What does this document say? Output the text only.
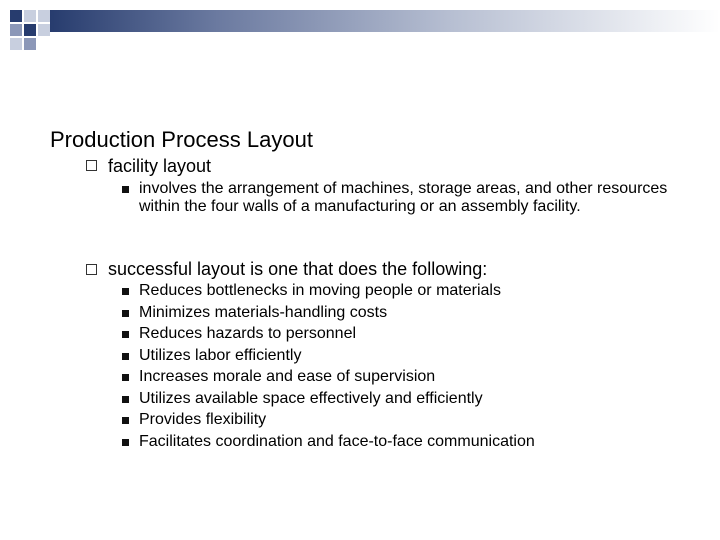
Production Process Layout
facility layout
involves the arrangement of machines, storage areas, and other resources within the four walls of a manufacturing or an assembly facility.
successful layout is one that does the following:
Reduces bottlenecks in moving people or materials
Minimizes materials-handling costs
Reduces hazards to personnel
Utilizes labor efficiently
Increases morale and ease of supervision
Utilizes available space effectively and efficiently
Provides flexibility
Facilitates coordination and face-to-face communication
